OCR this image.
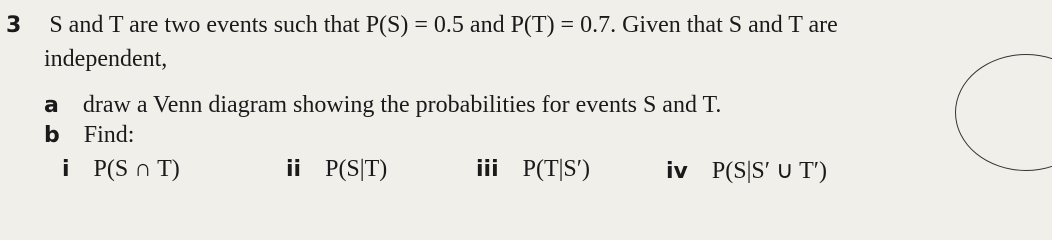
3 S and T are two events such that P(S) = 0.5 and P(T) = 0.7. Given that S and T are
independent,
a draw a Venn diagram showing the probabilities for events S and T.
b Find:
i P(S ∩ T)	ii P(S|T)	iii P(T|S′)	iv P(S|S′ ∪ T′)
